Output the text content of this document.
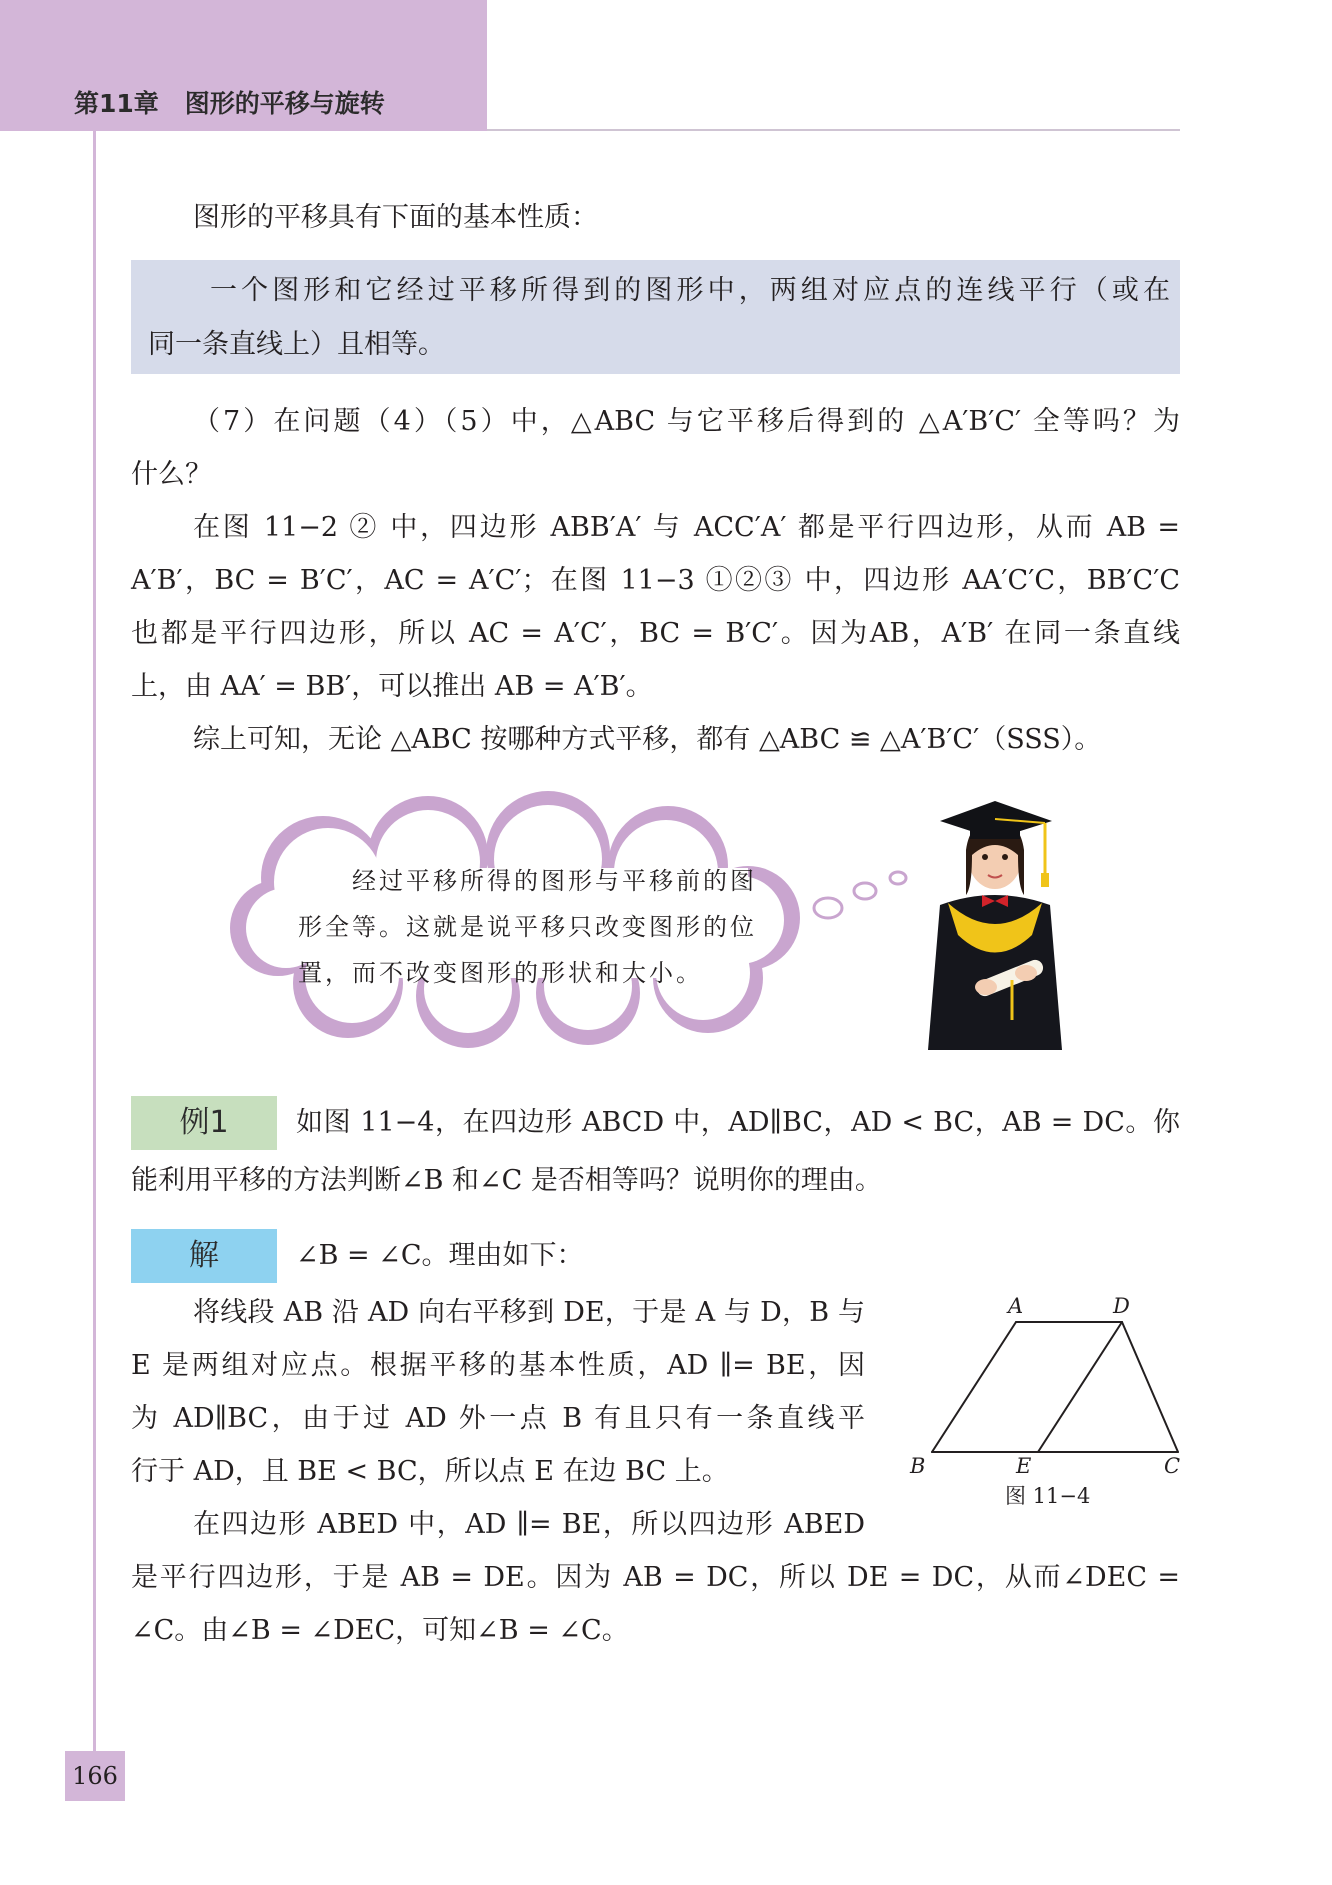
第11章 图形的平移与旋转
图形的平移具有下面的基本性质：
一个图形和它经过平移所得到的图形中，两组对应点的连线平行（或在
同一条直线上）且相等。
（7）在问题（4）（5）中，△ABC 与它平移后得到的 △A′B′C′ 全等吗？为
什么？
在图 11−2 ② 中，四边形 ABB′A′ 与 ACC′A′ 都是平行四边形，从而 AB =
A′B′，BC = B′C′，AC = A′C′；在图 11−3 ①②③ 中，四边形 AA′C′C，BB′C′C
也都是平行四边形，所以 AC = A′C′，BC = B′C′。因为AB，A′B′ 在同一条直线
上，由 AA′ = BB′，可以推出 AB = A′B′。
综上可知，无论 △ABC 按哪种方式平移，都有 △ABC ≌ △A′B′C′（SSS）。
经过平移所得的图形与平移前的图
形全等。这就是说平移只改变图形的位
置，而不改变图形的形状和大小。
例1	如图 11−4，在四边形 ABCD 中，AD∥BC，AD < BC，AB = DC。你
能利用平移的方法判断∠B 和∠C 是否相等吗？说明你的理由。
解	∠B = ∠C。理由如下：
将线段 AB 沿 AD 向右平移到 DE，于是 A 与 D，B 与
E 是两组对应点。根据平移的基本性质，AD ∥= BE，因
为 AD∥BC，由于过 AD 外一点 B 有且只有一条直线平
行于 AD，且 BE < BC，所以点 E 在边 BC 上。
在四边形 ABED 中，AD ∥= BE，所以四边形 ABED
是平行四边形，于是 AB = DE。因为 AB = DC，所以 DE = DC，从而∠DEC =
∠C。由∠B = ∠DEC，可知∠B = ∠C。
A	D
B	E	C
图 11−4
166
